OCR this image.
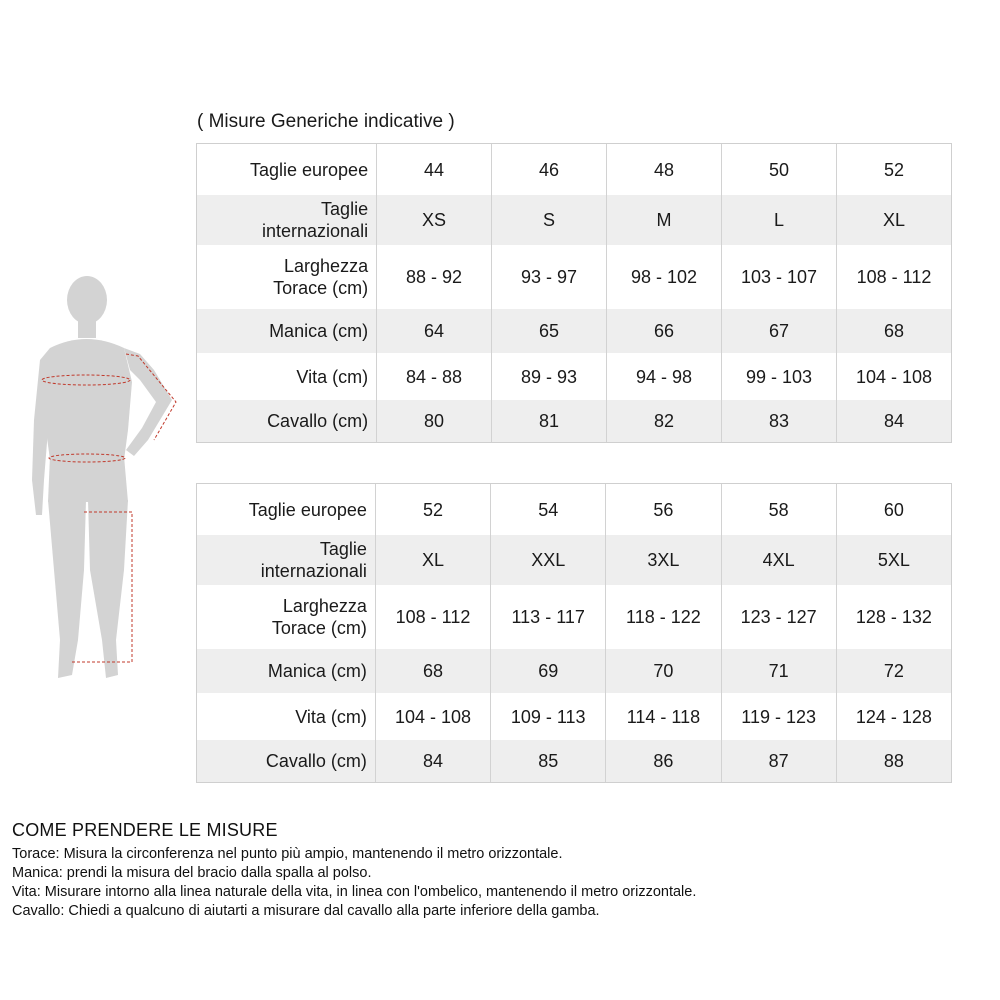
( Misure Generiche indicative )
Taglie europee	44	46	48	50	52
Taglie
internazionali	XS	S	M	L	XL
Larghezza
Torace (cm)	88 - 92	93 - 97	98 - 102	103 - 107	108 - 112
Manica (cm)	64	65	66	67	68
Vita (cm)	84 - 88	89 - 93	94 - 98	99 - 103	104 - 108
Cavallo (cm)	80	81	82	83	84
Taglie europee	52	54	56	58	60
Taglie
internazionali	XL	XXL	3XL	4XL	5XL
Larghezza
Torace (cm)	108 - 112	113 - 117	118 - 122	123 - 127	128 - 132
Manica (cm)	68	69	70	71	72
Vita (cm)	104 - 108	109 - 113	114 - 118	119 - 123	124 - 128
Cavallo (cm)	84	85	86	87	88
COME PRENDERE LE MISURE

Torace: Misura la circonferenza nel punto più ampio, mantenendo il metro orizzontale.

Manica: prendi la misura del bracio dalla spalla al polso.

Vita: Misurare intorno alla linea naturale della vita, in linea con l'ombelico, mantenendo il metro orizzontale.

Cavallo: Chiedi a qualcuno di aiutarti a misurare dal cavallo alla parte inferiore della gamba.
